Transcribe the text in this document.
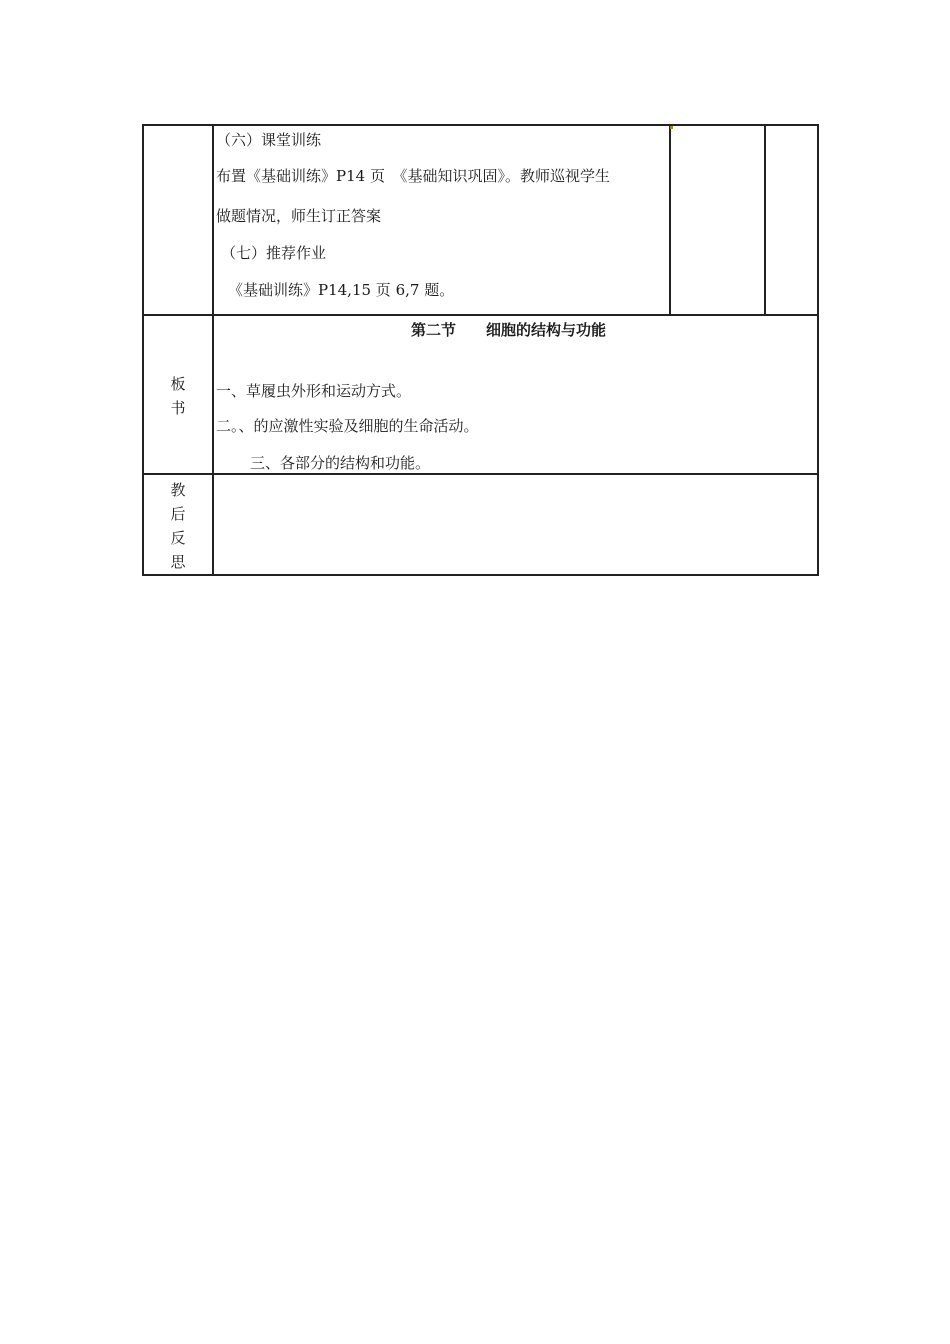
（六）课堂训练
布置《基础训练》P14 页　《基础知识巩固》。教师巡视学生
做题情况，师生订正答案
（七）推荐作业
《基础训练》P14,15 页 6,7 题。
板书
第二节　　细胞的结构与功能
一、草履虫外形和运动方式。
二。、的应激性实验及细胞的生命活动。
三、各部分的结构和功能。
教后反思
